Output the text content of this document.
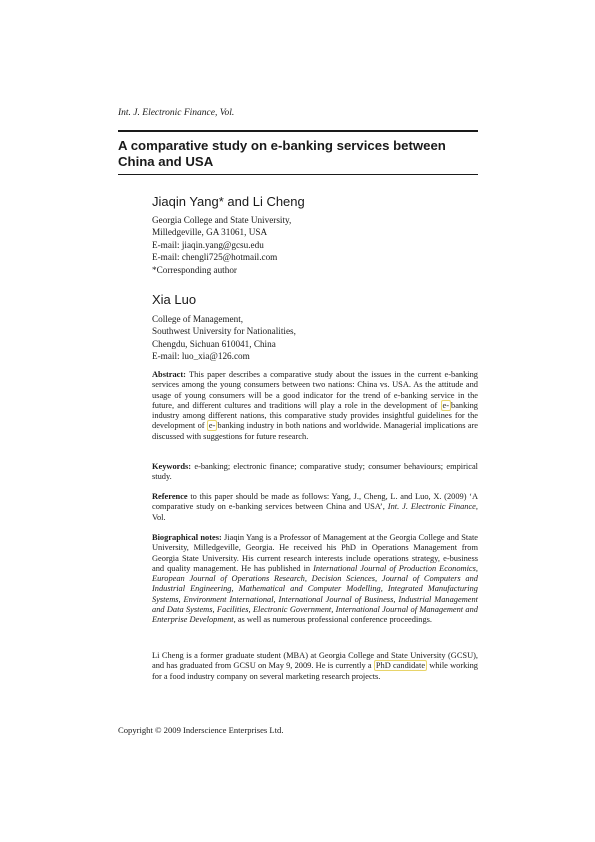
Int. J. Electronic Finance, Vol.
A comparative study on e-banking services between China and USA
Jiaqin Yang* and Li Cheng
Georgia College and State University,
Milledgeville, GA 31061, USA
E-mail: jiaqin.yang@gcsu.edu
E-mail: chengli725@hotmail.com
*Corresponding author
Xia Luo
College of Management,
Southwest University for Nationalities,
Chengdu, Sichuan 610041, China
E-mail: luo_xia@126.com
Abstract: This paper describes a comparative study about the issues in the current e-banking services among the young consumers between two nations: China vs. USA. As the attitude and usage of young consumers will be a good indicator for the trend of e-banking service in the future, and different cultures and traditions will play a role in the development of e- banking industry among different nations, this comparative study provides insightful guidelines for the development of e- banking industry in both nations and worldwide. Managerial implications are discussed with suggestions for future research.
Keywords: e-banking; electronic finance; comparative study; consumer behaviours; empirical study.
Reference to this paper should be made as follows: Yang, J., Cheng, L. and Luo, X. (2009) ‘A comparative study on e-banking services between China and USA’, Int. J. Electronic Finance, Vol.
Biographical notes: Jiaqin Yang is a Professor of Management at the Georgia College and State University, Milledgeville, Georgia. He received his PhD in Operations Management from Georgia State University. His current research interests include operations strategy, e-business and quality management. He has published in International Journal of Production Economics, European Journal of Operations Research, Decision Sciences, Journal of Computers and Industrial Engineering, Mathematical and Computer Modelling, Integrated Manufacturing Systems, Environment International, International Journal of Business, Industrial Management and Data Systems, Facilities, Electronic Government, International Journal of Management and Enterprise Development, as well as numerous professional conference proceedings.
Li Cheng is a former graduate student (MBA) at Georgia College and State University (GCSU), and has graduated from GCSU on May 9, 2009. He is currently a PhD candidate while working for a food industry company on several marketing research projects.
Copyright © 2009 Inderscience Enterprises Ltd.
